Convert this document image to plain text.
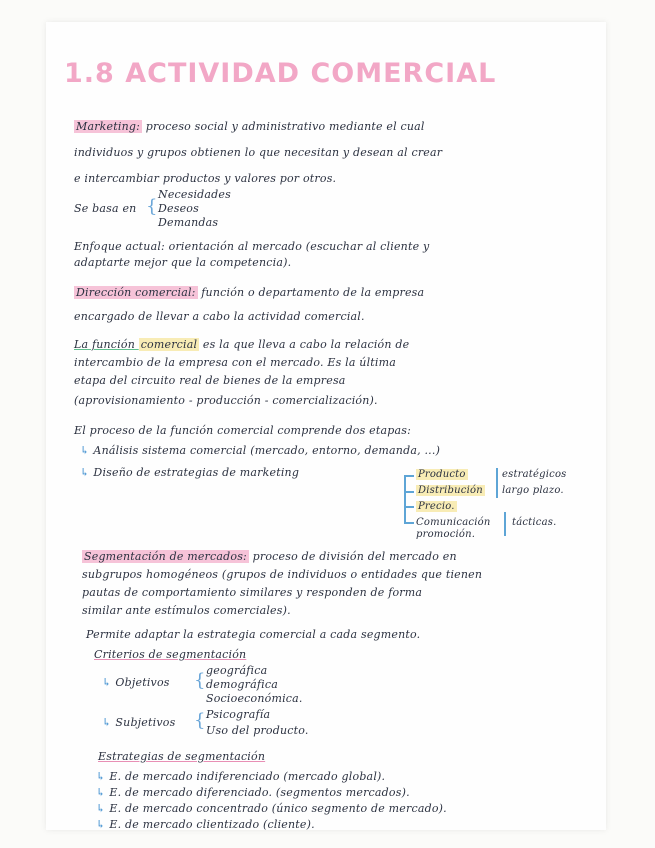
1.8 ACTIVIDAD COMERCIAL
Marketing: proceso social y administrativo mediante el cual
individuos y grupos obtienen lo que necesitan y desean al crear
e intercambiar productos y valores por otros.
Se basa en {
Necesidades
Deseos
Demandas
Enfoque actual: orientación al mercado (escuchar al cliente y
adaptarte mejor que la competencia).
Dirección comercial: función o departamento de la empresa
encargado de llevar a cabo la actividad comercial.
La función comercial es la que lleva a cabo la relación de
intercambio de la empresa con el mercado. Es la última
etapa del circuito real de bienes de la empresa
(aprovisionamiento - producción - comercialización).
El proceso de la función comercial comprende dos etapas:
↳ Análisis sistema comercial (mercado, entorno, demanda, ...)
↳ Diseño de estrategias de marketing	Producto
Distribución
Precio.
Comunicación
promoción.
estratégicos
largo plazo.
tácticas.
Segmentación de mercados: proceso de división del mercado en
subgrupos homogéneos (grupos de individuos o entidades que tienen
pautas de comportamiento similares y responden de forma
similar ante estímulos comerciales).
Permite adaptar la estrategia comercial a cada segmento.
Criterios de segmentación
↳ Objetivos { geográfica
demográfica
Socioeconómica.
↳ Subjetivos { Psicografía
Uso del producto.
Estrategias de segmentación
↳ E. de mercado indiferenciado (mercado global).
↳ E. de mercado diferenciado. (segmentos mercados).
↳ E. de mercado concentrado (único segmento de mercado).
↳ E. de mercado clientizado (cliente).
